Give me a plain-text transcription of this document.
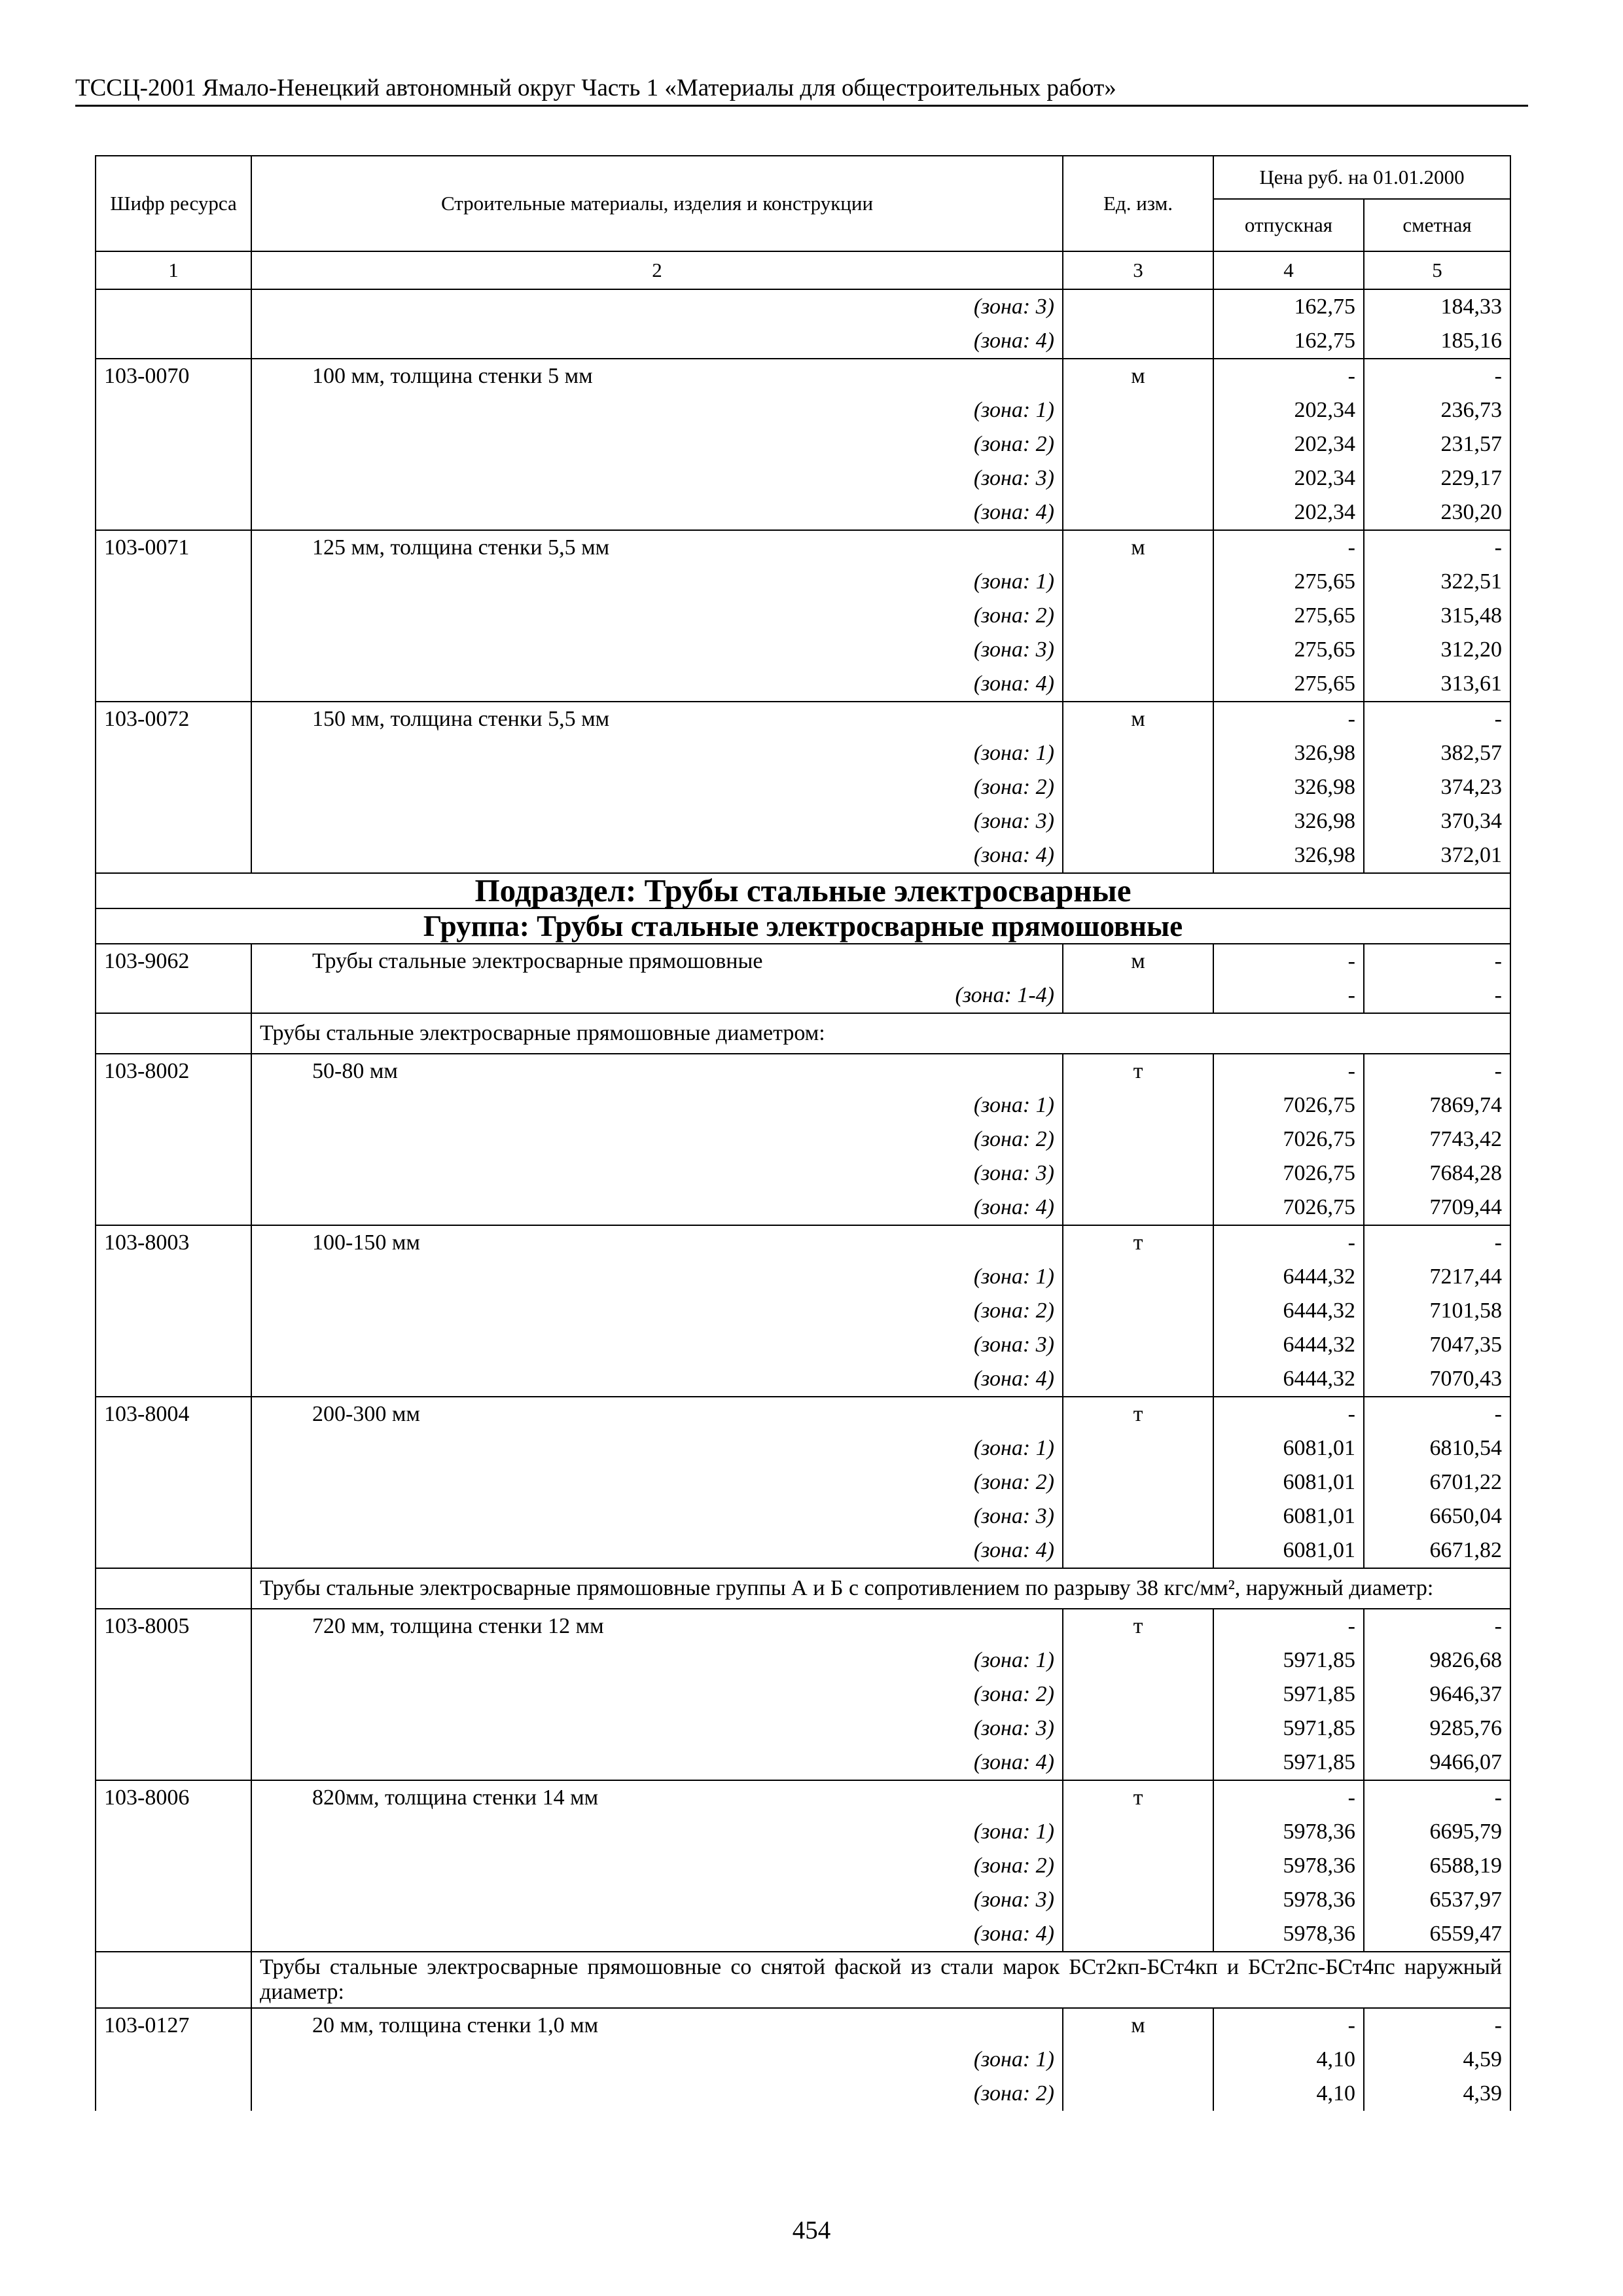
ТССЦ-2001 Ямало-Ненецкий автономный округ Часть 1 «Материалы для общестроительных работ»
Шифр ресурса	Строительные материалы, изделия и конструкции	Ед. изм.	Цена руб. на 01.01.2000	
			отпускная	сметная
1	2	3	4	5
	(зона: 3)		162,75	184,33
	(зона: 4)		162,75	185,16
103-0070	100 мм, толщина стенки 5 мм	м	-	-
	(зона: 1)		202,34	236,73
	(зона: 2)		202,34	231,57
	(зона: 3)		202,34	229,17
	(зона: 4)		202,34	230,20
103-0071	125 мм, толщина стенки 5,5 мм	м	-	-
	(зона: 1)		275,65	322,51
	(зона: 2)		275,65	315,48
	(зона: 3)		275,65	312,20
	(зона: 4)		275,65	313,61
103-0072	150 мм, толщина стенки 5,5 мм	м	-	-
	(зона: 1)		326,98	382,57
	(зона: 2)		326,98	374,23
	(зона: 3)		326,98	370,34
	(зона: 4)		326,98	372,01
Подраздел: Трубы стальные электросварные				
Группа: Трубы стальные электросварные прямошовные				
103-9062	Трубы стальные электросварные прямошовные	м	-	-
	(зона: 1-4)		-	-
	Трубы стальные электросварные прямошовные диаметром:			
103-8002	50-80 мм	т	-	-
	(зона: 1)		7026,75	7869,74
	(зона: 2)		7026,75	7743,42
	(зона: 3)		7026,75	7684,28
	(зона: 4)		7026,75	7709,44
103-8003	100-150 мм	т	-	-
	(зона: 1)		6444,32	7217,44
	(зона: 2)		6444,32	7101,58
	(зона: 3)		6444,32	7047,35
	(зона: 4)		6444,32	7070,43
103-8004	200-300 мм	т	-	-
	(зона: 1)		6081,01	6810,54
	(зона: 2)		6081,01	6701,22
	(зона: 3)		6081,01	6650,04
	(зона: 4)		6081,01	6671,82
	Трубы стальные электросварные прямошовные группы А и Б с сопротивлением по разрыву 38 кгс/мм², наружный диаметр:			
103-8005	720 мм, толщина стенки 12 мм	т	-	-
	(зона: 1)		5971,85	9826,68
	(зона: 2)		5971,85	9646,37
	(зона: 3)		5971,85	9285,76
	(зона: 4)		5971,85	9466,07
103-8006	820мм, толщина стенки 14 мм	т	-	-
	(зона: 1)		5978,36	6695,79
	(зона: 2)		5978,36	6588,19
	(зона: 3)		5978,36	6537,97
	(зона: 4)		5978,36	6559,47
	Трубы стальные электросварные прямошовные со снятой фаской из стали марок БСт2кп-БСт4кп и БСт2пс-БСт4пс наружный диаметр:			
103-0127	20 мм, толщина стенки 1,0 мм	м	-	-
	(зона: 1)		4,10	4,59
	(зона: 2)		4,10	4,39
454
